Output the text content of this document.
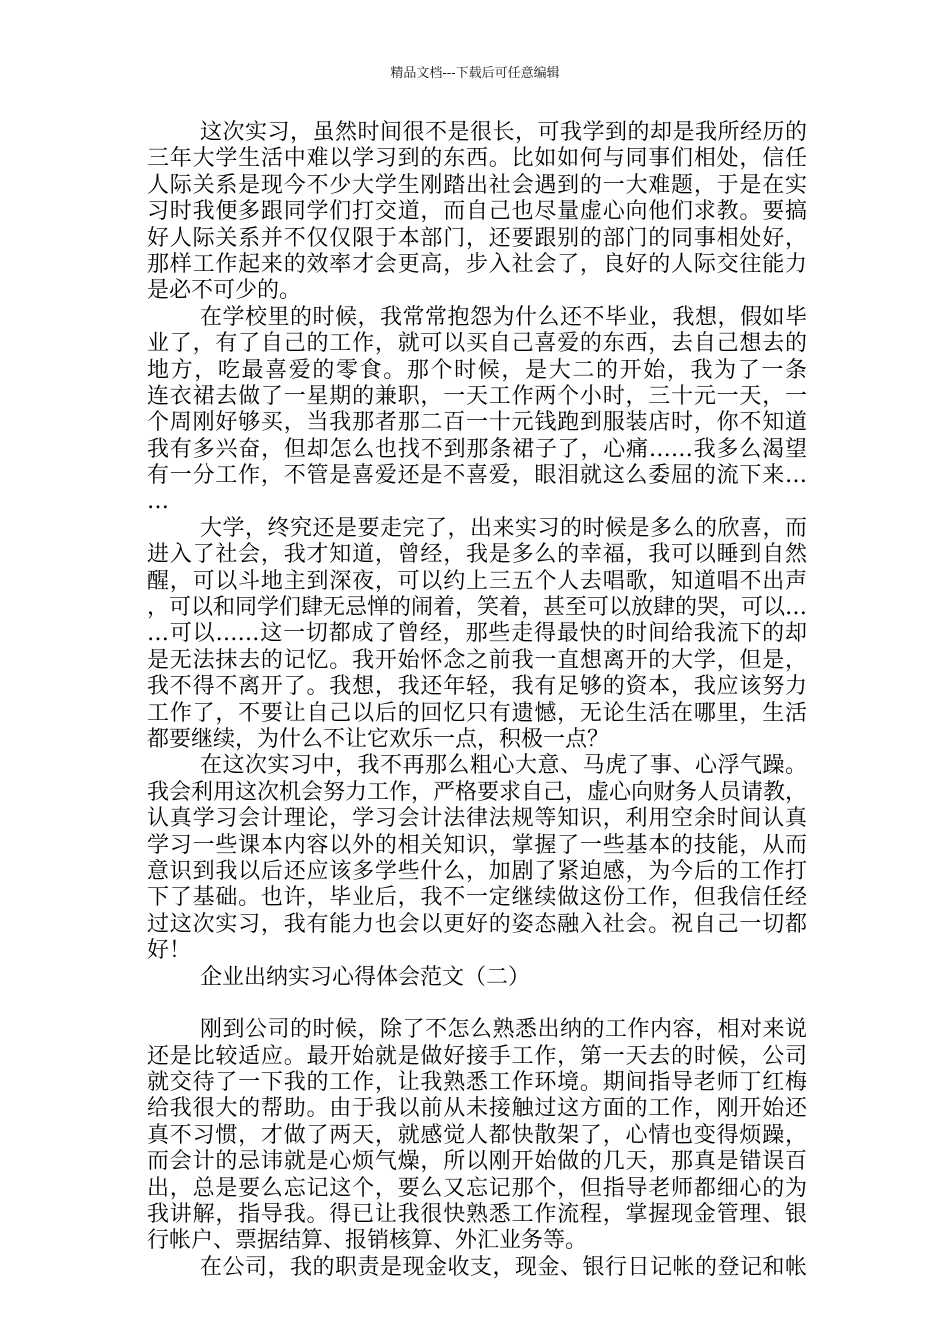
精品文档---下载后可任意编辑
这次实习，虽然时间很不是很长，可我学到的却是我所经历的
三年大学生活中难以学习到的东西。比如如何与同事们相处，信任
人际关系是现今不少大学生刚踏出社会遇到的一大难题，于是在实
习时我便多跟同学们打交道，而自己也尽量虚心向他们求教。要搞
好人际关系并不仅仅限于本部门，还要跟别的部门的同事相处好，
那样工作起来的效率才会更高，步入社会了，良好的人际交往能力
是必不可少的。
在学校里的时候，我常常抱怨为什么还不毕业，我想，假如毕
业了，有了自己的工作，就可以买自己喜爱的东西，去自己想去的
地方，吃最喜爱的零食。那个时候，是大二的开始，我为了一条
连衣裙去做了一星期的兼职，一天工作两个小时，三十元一天，一
个周刚好够买，当我那者那二百一十元钱跑到服装店时，你不知道
我有多兴奋，但却怎么也找不到那条裙子了，心痛……我多么渴望
有一分工作，不管是喜爱还是不喜爱，眼泪就这么委屈的流下来…
…
大学，终究还是要走完了，出来实习的时候是多么的欣喜，而
进入了社会，我才知道，曾经，我是多么的幸福，我可以睡到自然
醒，可以斗地主到深夜，可以约上三五个人去唱歌，知道唱不出声
，可以和同学们肆无忌惮的闹着，笑着，甚至可以放肆的哭，可以…
…可以……这一切都成了曾经，那些走得最快的时间给我流下的却
是无法抹去的记忆。我开始怀念之前我一直想离开的大学，但是，
我不得不离开了。我想，我还年轻，我有足够的资本，我应该努力
工作了，不要让自己以后的回忆只有遗憾，无论生活在哪里，生活
都要继续，为什么不让它欢乐一点，积极一点？
在这次实习中，我不再那么粗心大意、马虎了事、心浮气躁。
我会利用这次机会努力工作，严格要求自己，虚心向财务人员请教，
认真学习会计理论，学习会计法律法规等知识，利用空余时间认真
学习一些课本内容以外的相关知识，掌握了一些基本的技能，从而
意识到我以后还应该多学些什么，加剧了紧迫感，为今后的工作打
下了基础。也许，毕业后，我不一定继续做这份工作，但我信任经
过这次实习，我有能力也会以更好的姿态融入社会。祝自己一切都
好！
企业出纳实习心得体会范文（二）
刚到公司的时候，除了不怎么熟悉出纳的工作内容，相对来说
还是比较适应。最开始就是做好接手工作，第一天去的时候，公司
就交待了一下我的工作，让我熟悉工作环境。期间指导老师丁红梅
给我很大的帮助。由于我以前从未接触过这方面的工作，刚开始还
真不习惯，才做了两天，就感觉人都快散架了，心情也变得烦躁，
而会计的忌讳就是心烦气燥，所以刚开始做的几天，那真是错误百
出，总是要么忘记这个，要么又忘记那个，但指导老师都细心的为
我讲解，指导我。得已让我很快熟悉工作流程，掌握现金管理、银
行帐户、票据结算、报销核算、外汇业务等。
在公司，我的职责是现金收支，现金、银行日记帐的登记和帐
